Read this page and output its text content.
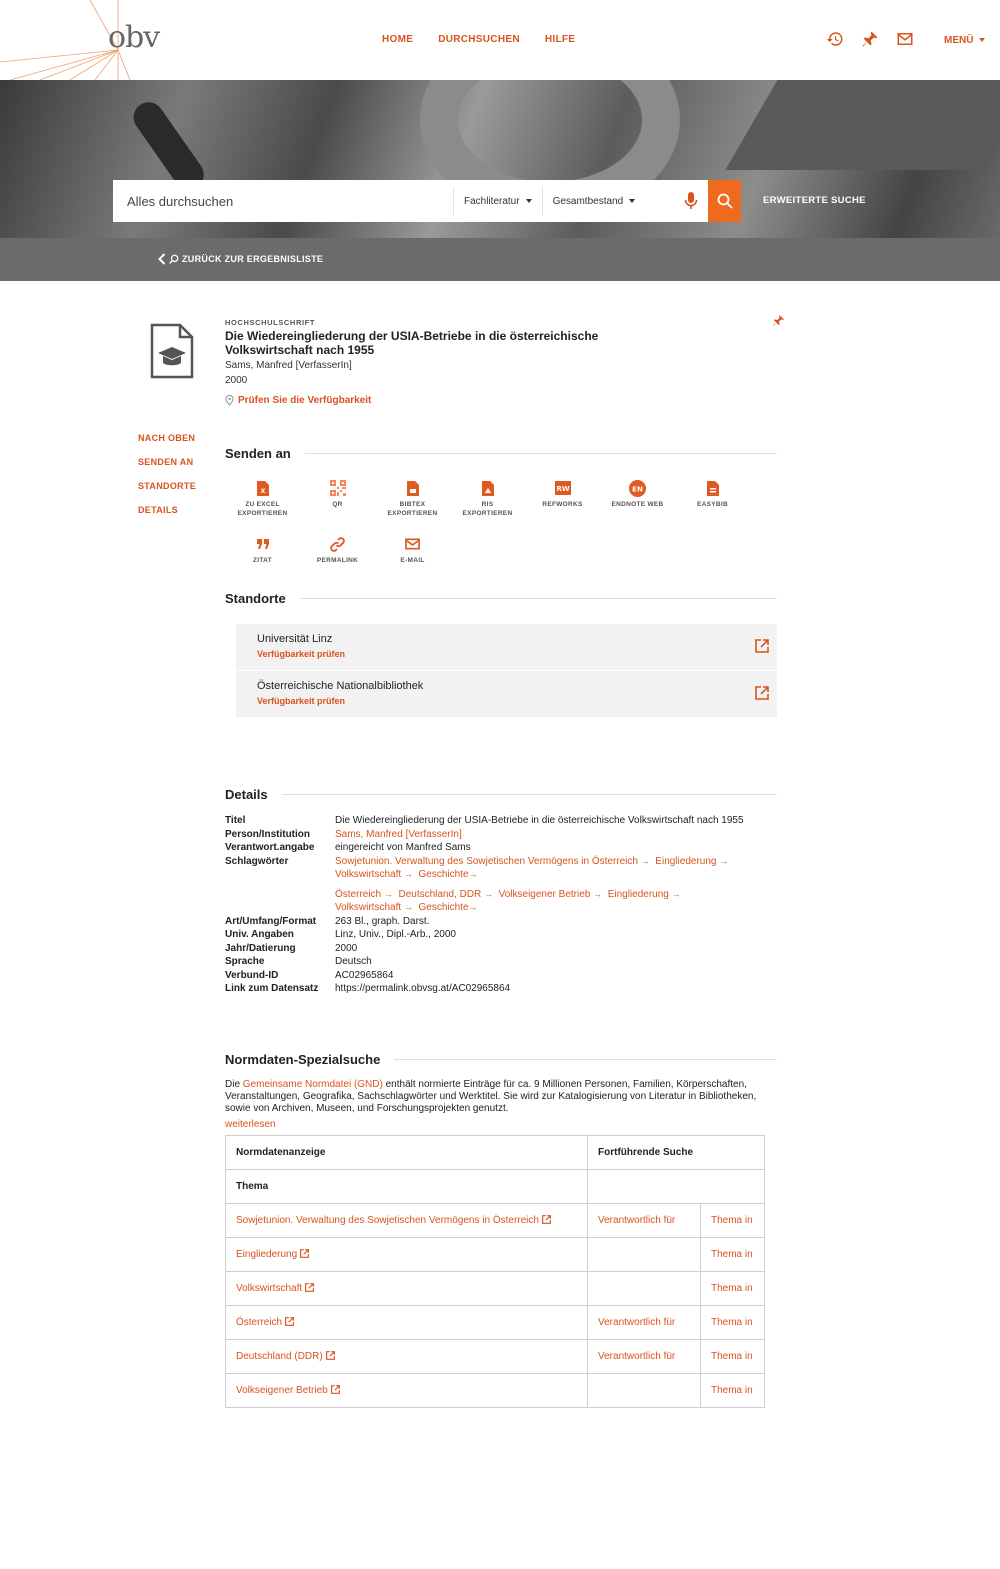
obv	HOME	DURCHSUCHEN	HILFE	MENÜ
Alles durchsuchen	Fachliteratur	Gesamtbestand	ERWEITERTE SUCHE
ZURÜCK ZUR ERGEBNISLISTE
HOCHSCHULSCHRIFT
Die Wiedereingliederung der USIA-Betriebe in die österreichische Volkswirtschaft nach 1955
Sams, Manfred [VerfasserIn]
2000
Prüfen Sie die Verfügbarkeit
NACH OBEN
SENDEN AN
STANDORTE
DETAILS
Senden an
X
ZU EXCEL
EXPORTIEREN
QR	BIBTEX
EXPORTIEREN
RIS
EXPORTIEREN
RW
REFWORKS
EN
ENDNOTE WEB	EASYBIB
ZITAT	PERMALINK	E-MAIL
Standorte
Universität Linz
Verfügbarkeit prüfen
Österreichische Nationalbibliothek
Verfügbarkeit prüfen
Details
Titel	Die Wiedereingliederung der USIA-Betriebe in die österreichische Volkswirtschaft nach 1955
Person/Institution	Sams, Manfred [VerfasserIn]
Verantwort.angabe	eingereicht von Manfred Sams
Schlagwörter	Sowjetunion. Verwaltung des Sowjetischen Vermögens in Österreich → Eingliederung →
Volkswirtschaft → Geschichte→
Österreich → Deutschland, DDR → Volkseigener Betrieb → Eingliederung →
Volkswirtschaft → Geschichte→
Art/Umfang/Format	263 Bl., graph. Darst.
Univ. Angaben	Linz, Univ., Dipl.-Arb., 2000
Jahr/Datierung	2000
Sprache	Deutsch
Verbund-ID	AC02965864
Link zum Datensatz	https://permalink.obvsg.at/AC02965864
Normdaten-Spezialsuche
Die Gemeinsame Normdatei (GND) enthält normierte Einträge für ca. 9 Millionen Personen, Familien, Körperschaften, Veranstaltungen, Geografika, Sachschlagwörter und Werktitel. Sie wird zur Katalogisierung von Literatur in Bibliotheken, sowie von Archiven, Museen, und Forschungsprojekten genutzt.
weiterlesen
Normdatenanzeige	Fortführende Suche	
Thema		
Sowjetunion. Verwaltung des Sowjetischen Vermögens in Österreich	Verantwortlich für	Thema in
Eingliederung		Thema in
Volkswirtschaft		Thema in
Österreich	Verantwortlich für	Thema in
Deutschland (DDR)	Verantwortlich für	Thema in
Volkseigener Betrieb		Thema in
